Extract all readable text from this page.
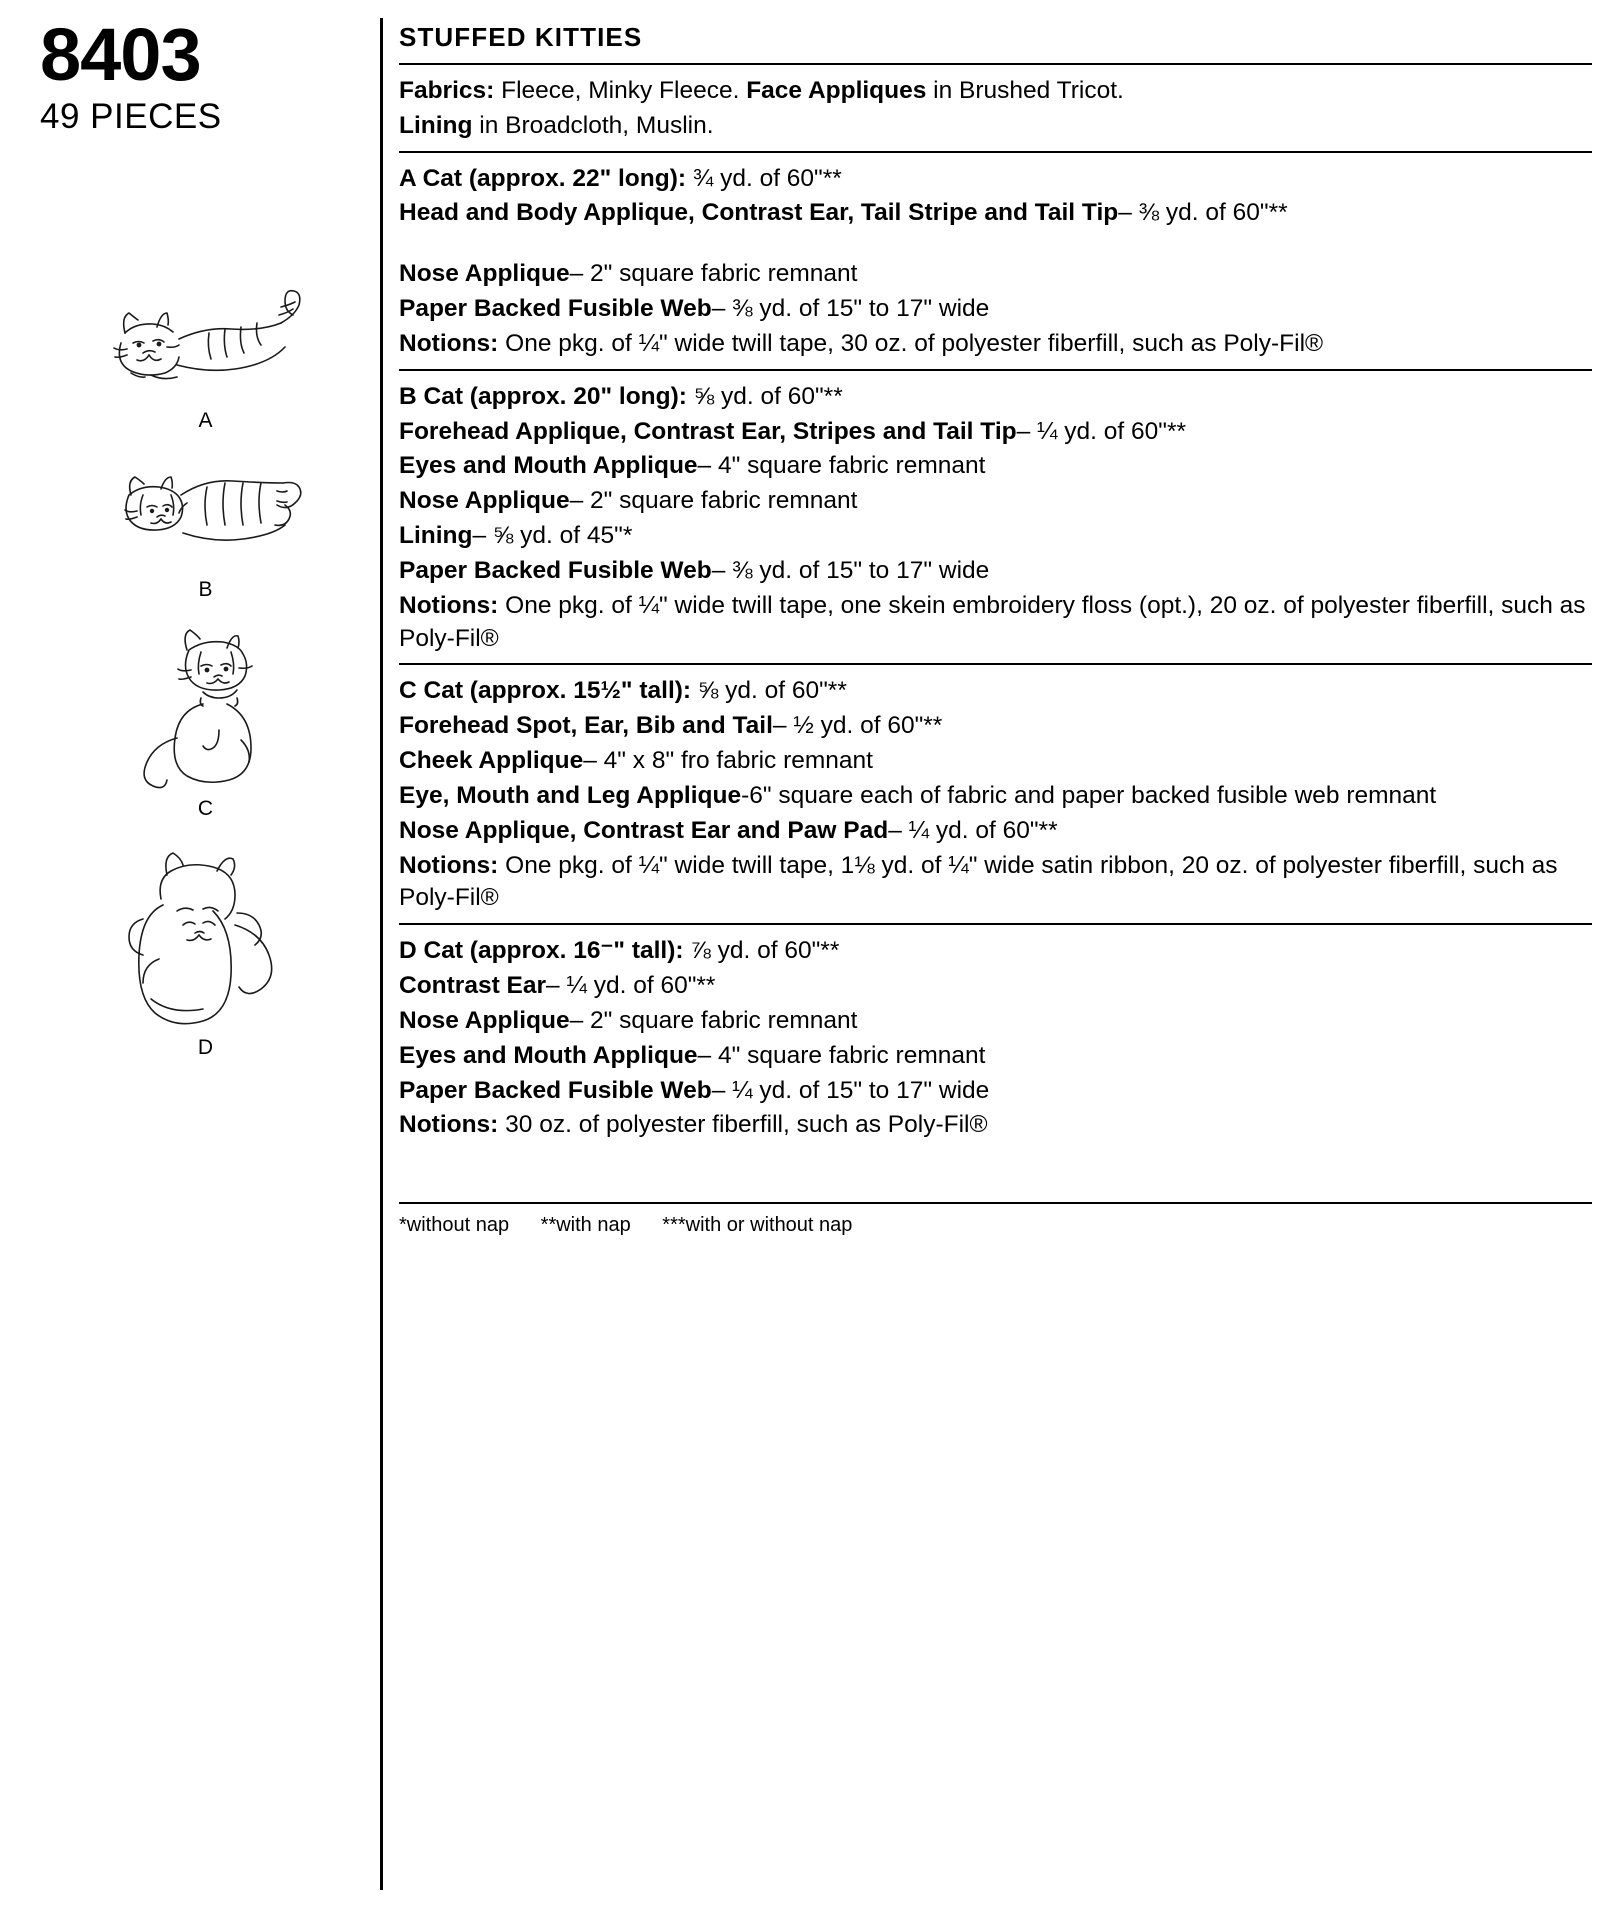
8403
49 PIECES
A
B
C
D
STUFFED KITTIES

Fabrics: Fleece, Minky Fleece. Face Appliques in Brushed Tricot.

Lining in Broadcloth, Muslin.

A Cat (approx. 22" long): ¾ yd. of 60"**

Head and Body Applique, Contrast Ear, Tail Stripe and Tail Tip– ⅜ yd. of 60"**

Nose Applique– 2" square fabric remnant

Paper Backed Fusible Web– ⅜ yd. of 15" to 17" wide

Notions: One pkg. of ¼" wide twill tape, 30 oz. of polyester fiberfill, such as Poly-Fil®

B Cat (approx. 20" long): ⅝ yd. of 60"**

Forehead Applique, Contrast Ear, Stripes and Tail Tip– ¼ yd. of 60"**

Eyes and Mouth Applique– 4" square fabric remnant

Nose Applique– 2" square fabric remnant

Lining– ⅝ yd. of 45"*

Paper Backed Fusible Web– ⅜ yd. of 15" to 17" wide

Notions: One pkg. of ¼" wide twill tape, one skein embroidery floss (opt.), 20 oz. of polyester fiberfill, such as Poly-Fil®

C Cat (approx. 15½" tall): ⅝ yd. of 60"**

Forehead Spot, Ear, Bib and Tail– ½ yd. of 60"**

Cheek Applique– 4" x 8" fro fabric remnant

Eye, Mouth and Leg Applique-6" square each of fabric and paper backed fusible web remnant

Nose Applique, Contrast Ear and Paw Pad– ¼ yd. of 60"**

Notions: One pkg. of ¼" wide twill tape, 1⅛ yd. of ¼" wide satin ribbon, 20 oz. of polyester fiberfill, such as Poly-Fil®

D Cat (approx. 16⁻" tall): ⅞ yd. of 60"**

Contrast Ear– ¼ yd. of 60"**

Nose Applique– 2" square fabric remnant

Eyes and Mouth Applique– 4" square fabric remnant

Paper Backed Fusible Web– ¼ yd. of 15" to 17" wide

Notions: 30 oz. of polyester fiberfill, such as Poly-Fil®

*without nap **with nap ***with or without nap
